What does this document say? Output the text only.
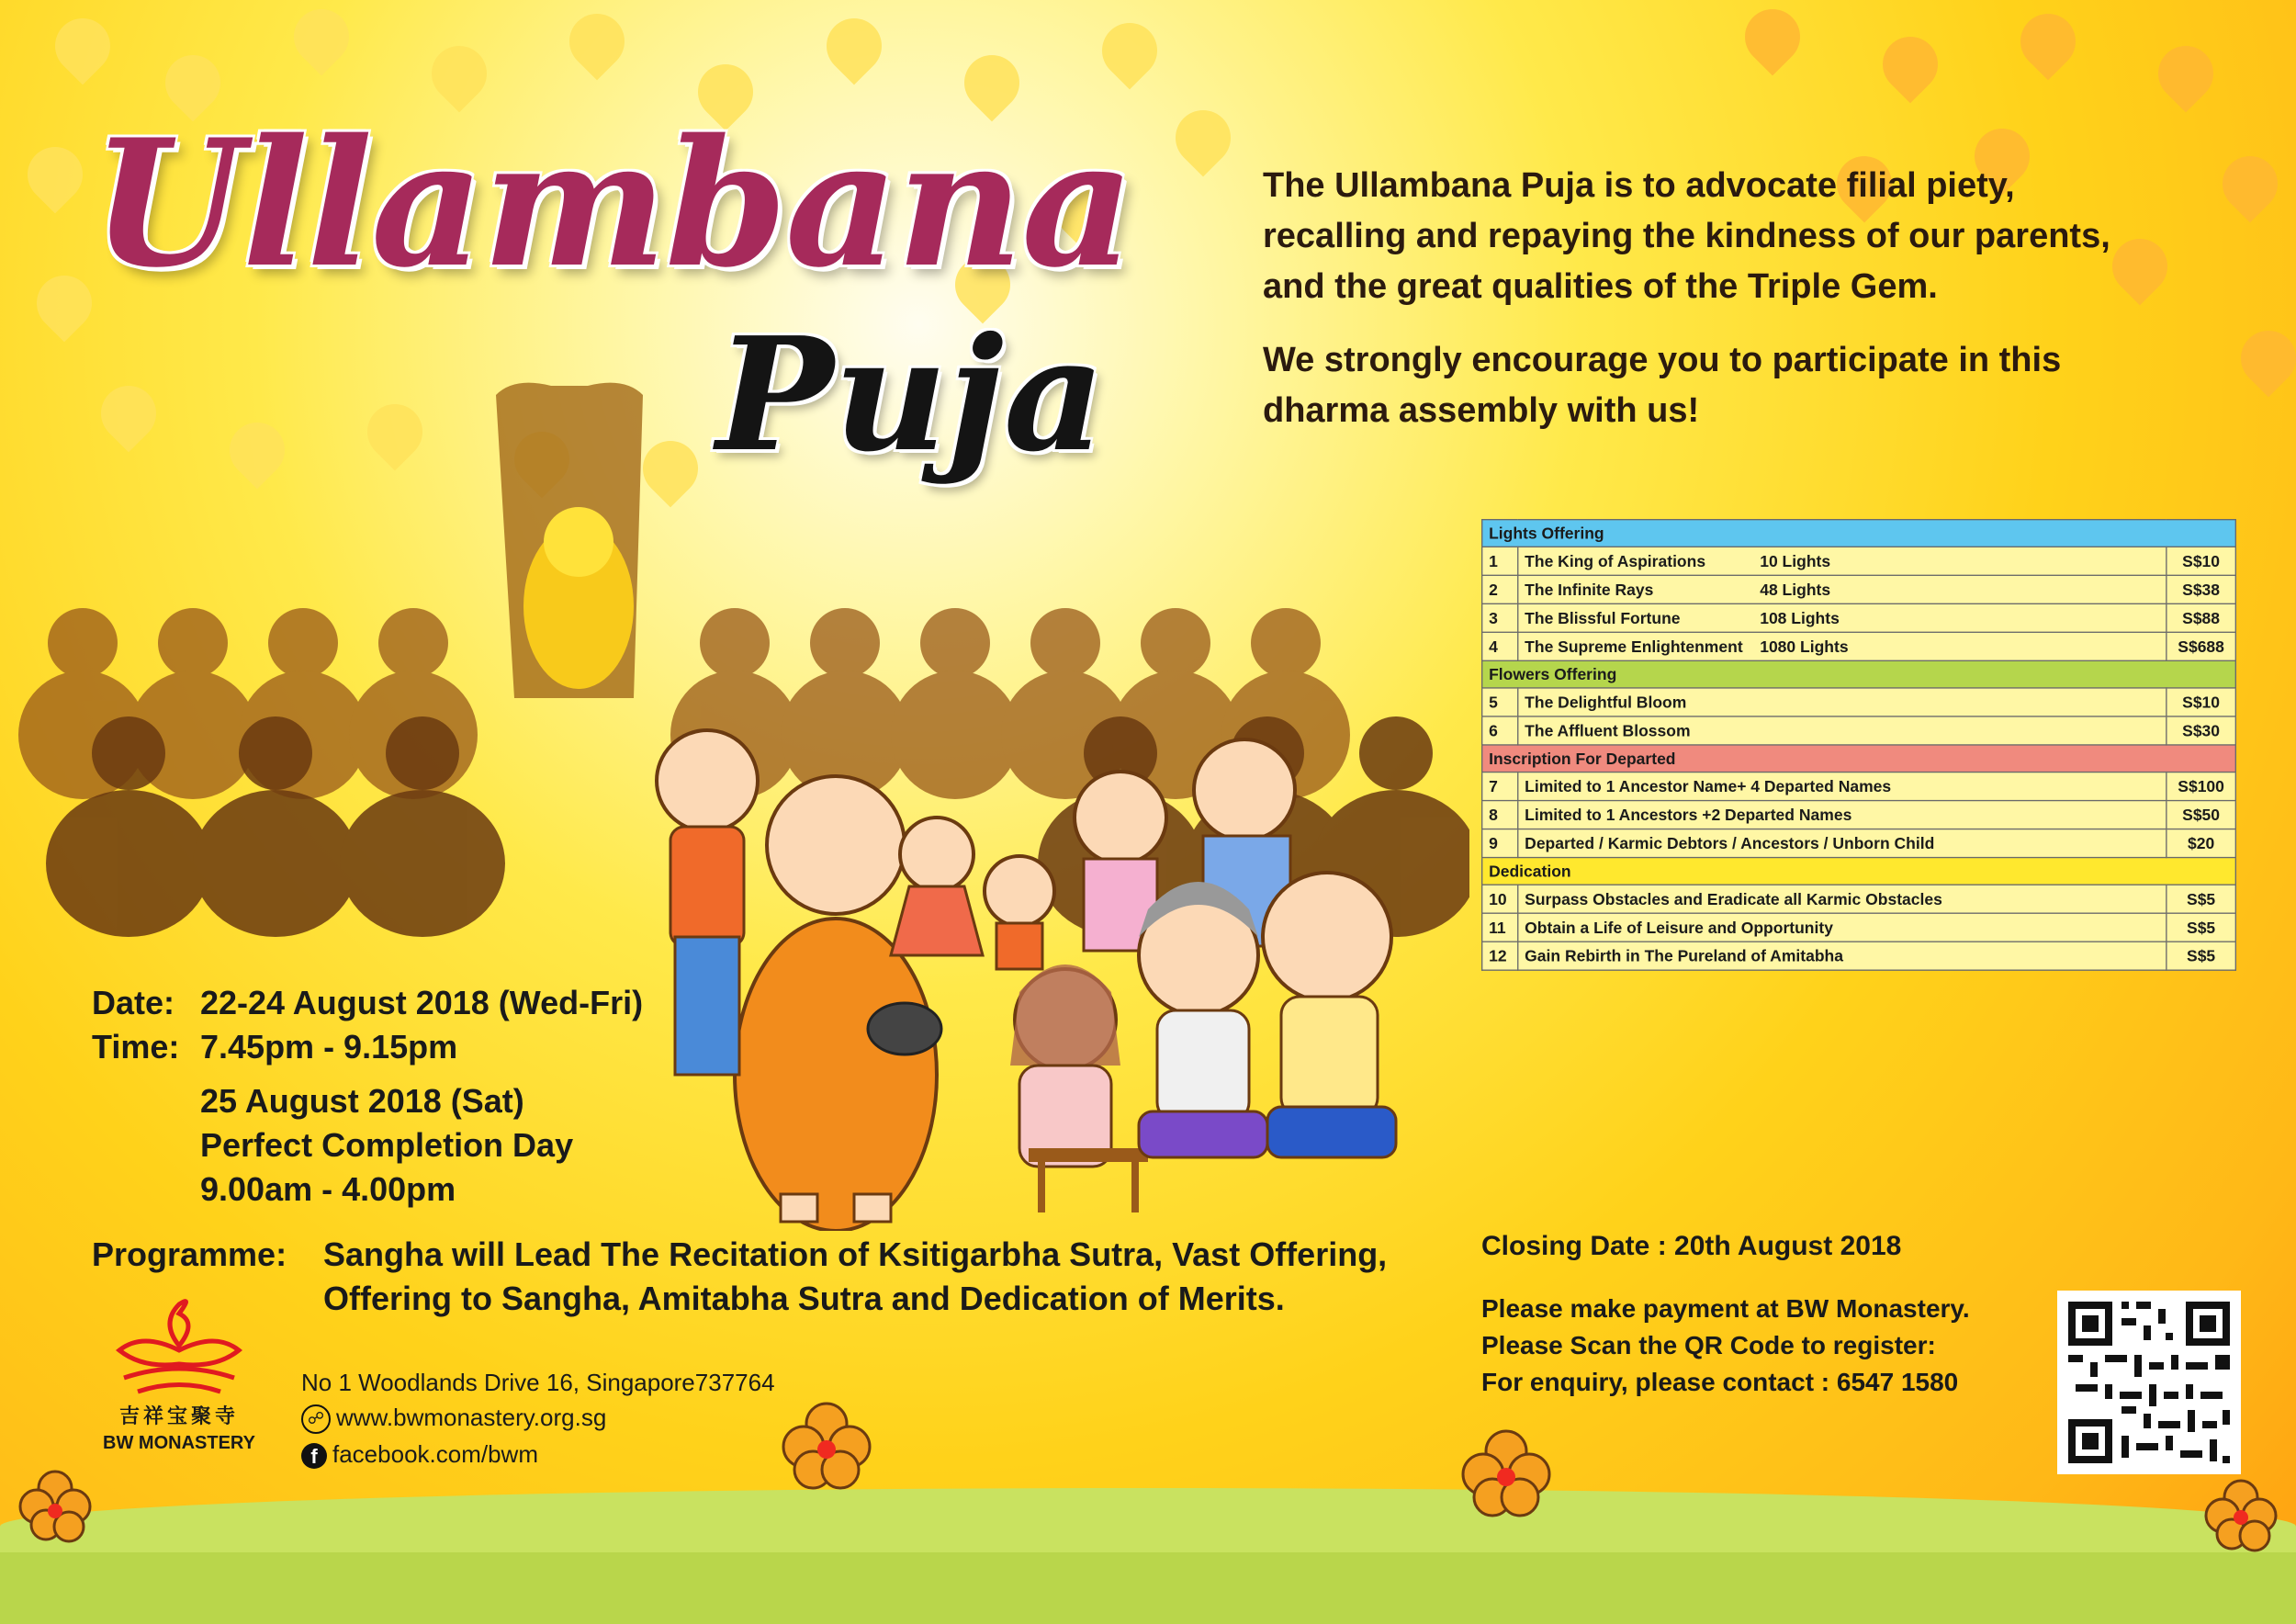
Ullambana
Puja
The Ullambana Puja is to advocate filial piety,
recalling and repaying the kindness of our parents,
and the great qualities of the Triple Gem.
We strongly encourage you to participate in this
dharma assembly with us!
Lights Offering		
1	The King of Aspirations 10 Lights	S$10
2	The Infinite Rays 48 Lights	S$38
3	The Blissful Fortune 108 Lights	S$88
4	The Supreme Enlightenment 1080 Lights	S$688
Flowers Offering		
5	The Delightful Bloom	S$10
6	The Affluent Blossom	S$30
Inscription For Departed		
7	Limited to 1 Ancestor Name+ 4 Departed Names	S$100
8	Limited to 1 Ancestors +2 Departed Names	S$50
9	Departed / Karmic Debtors / Ancestors / Unborn Child	$20
Dedication		
10	Surpass Obstacles and Eradicate all Karmic Obstacles	S$5
11	Obtain a Life of Leisure and Opportunity	S$5
12	Gain Rebirth in The Pureland of Amitabha	S$5
Closing Date : 20th August 2018
Please make payment at BW Monastery.
Please Scan the QR Code to register:
For enquiry, please contact : 6547 1580
Date: 22-24 August 2018 (Wed-Fri)
Time: 7.45pm - 9.15pm
25 August 2018 (Sat)
Perfect Completion Day
9.00am - 4.00pm
Programme: Sangha will Lead The Recitation of Ksitigarbha Sutra, Vast Offering,
Offering to Sangha, Amitabha Sutra and Dedication of Merits.
吉祥宝聚寺
BW MONASTERY
No 1 Woodlands Drive 16, Singapore737764
☍ www.bwmonastery.org.sg
f facebook.com/bwm
